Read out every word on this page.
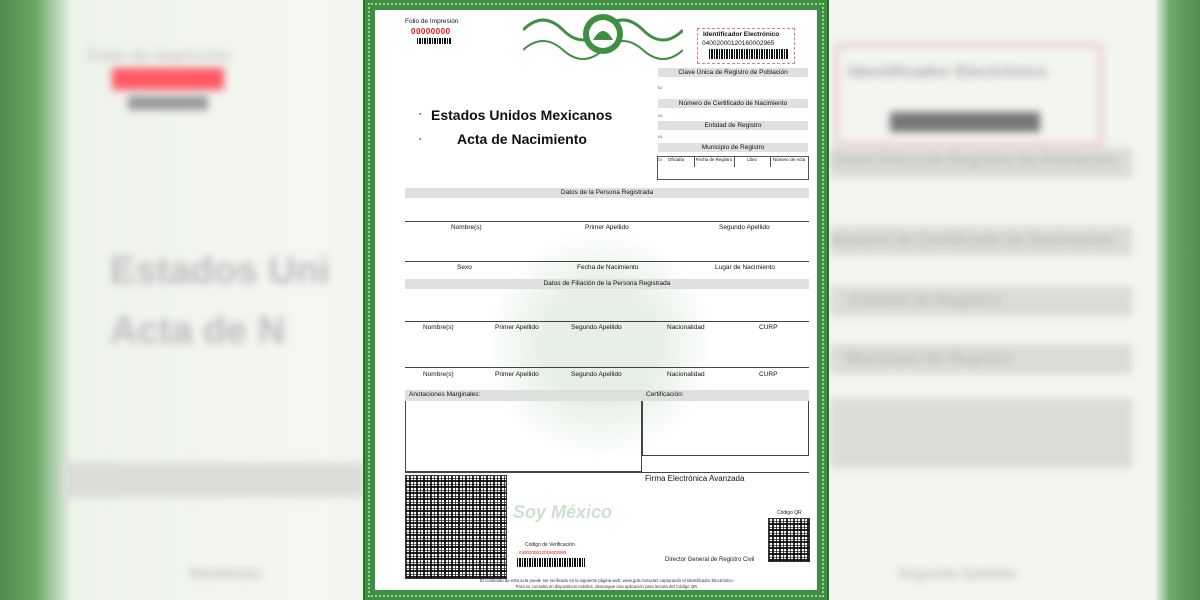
Folio de Impresión
Estados Uni
Acta de N
Nombre(s)
Identificador Electrónico
Clave Única de Registro de Población
Número de Certificado de Nacimiento
Entidad de Registro
Municipio de Registro
Segundo Apellido
Soy México
Folio de Impresión
00000000	Identificador Electrónico
04002000120160002965
● Estados Unidos Mexicanos
●	Acta de Nacimiento
Clave Única de Registro de Población
02
Número de Certificado de Nacimiento
03
Entidad de Registro
04
Municipio de Registro
05	Oficialía	Fecha de Registro	Libro	Número de Acta
Datos de la Persona Registrada
Nombre(s)	Primer Apellido	Segundo Apellido
Sexo	Fecha de Nacimiento	Lugar de Nacimiento
Datos de Filiación de la Persona Registrada
Nombre(s)	Primer Apellido	Segundo Apellido	Nacionalidad	CURP
Nombre(s)	Primer Apellido	Segundo Apellido	Nacionalidad	CURP
Anotaciones Marginales:	Certificación:
Firma Electrónica Avanzada
Código QR
Código de Verificación
0400200012016002965
Director General de Registro Civil
El contenido de esta acta puede ser verificado en la siguiente página web: www.gob.mx/actas capturando el Identificador Electrónico.
Para su consulta en dispositivos móviles, descargue una aplicación para lectura del Código QR.
